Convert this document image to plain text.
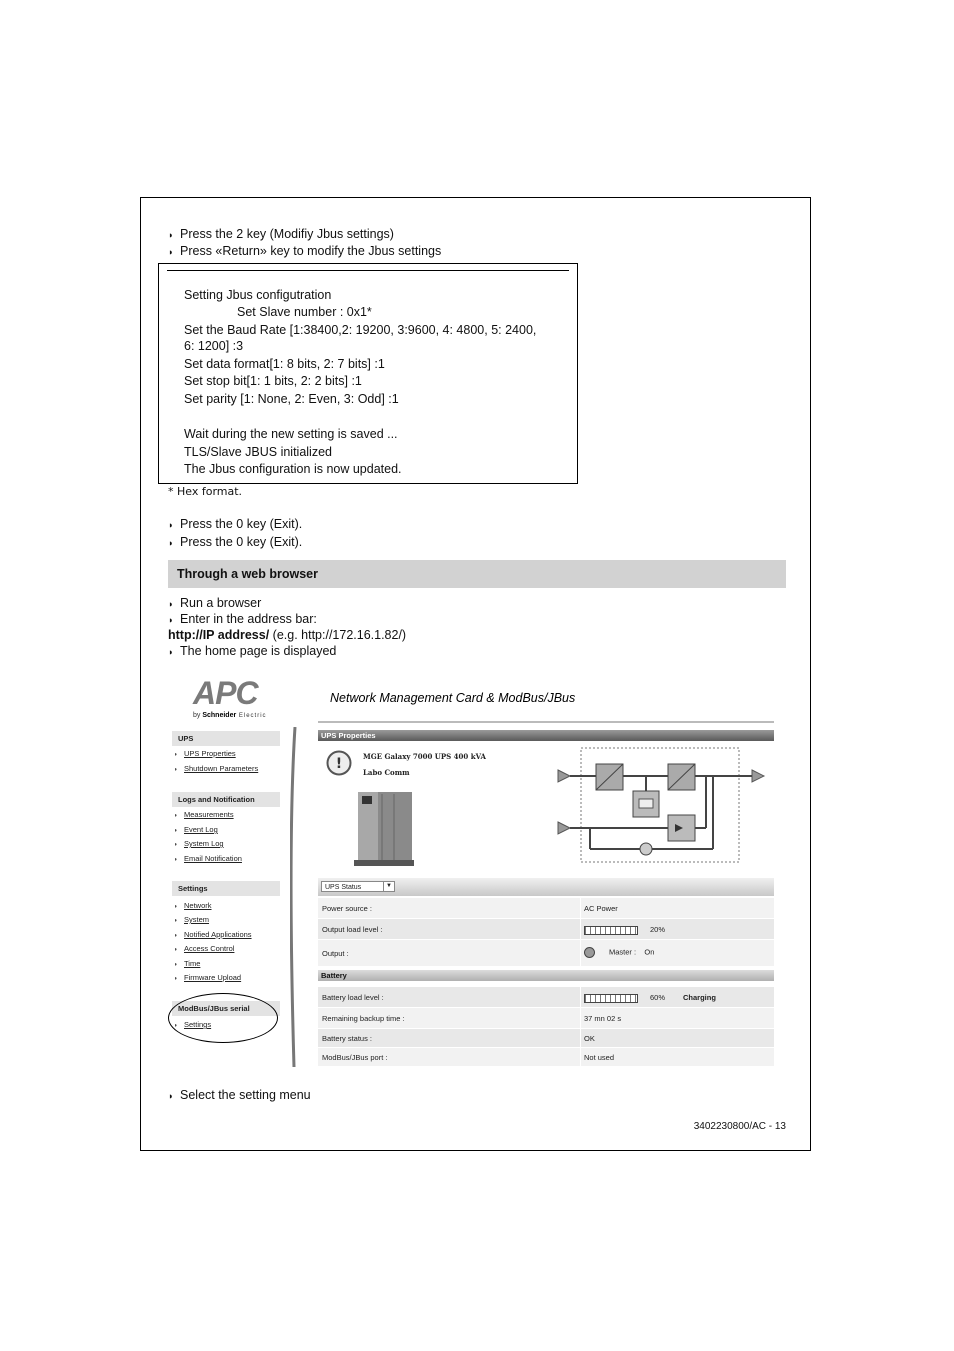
◗ Press the 2 key (Modifiy Jbus settings)
◗ Press «Return» key to modify the Jbus settings
Setting Jbus configutration
Set Slave number : 0x1*
Set the Baud Rate [1:38400,2: 19200, 3:9600, 4: 4800, 5: 2400,
6: 1200] :3
Set data format[1: 8 bits, 2: 7 bits] :1
Set stop bit[1: 1 bits, 2: 2 bits] :1
Set parity [1: None, 2: Even, 3: Odd] :1
Wait during the new setting is saved ...
TLS/Slave JBUS initialized
The Jbus configuration is now updated.
* Hex format.
◗ Press the 0 key (Exit).
◗ Press the 0 key (Exit).
Through a web browser
◗ Run a browser
◗ Enter in the address bar:
http://IP address/ (e.g. http://172.16.1.82/)
◗ The home page is displayed
APC
by Schneider Electric
Network Management Card & ModBus/JBus
UPS
◗ UPS Properties
◗ Shutdown Parameters
Logs and Notification
◗ Measurements
◗ Event Log
◗ System Log
◗ Email Notification
Settings
◗ Network
◗ System
◗ Notified Applications
◗ Access Control
◗ Time
◗ Firmware Upload
ModBus/JBus serial
◗ Settings
UPS Properties
!	MGE Galaxy 7000 UPS 400 kVA
Labo Comm
UPS Status	▼
Power source :	AC Power
Output load level :	20%
Output :	Master :    On
Battery
Battery load level :	60% Charging
Remaining backup time :	37 mn 02 s
Battery status :	OK
ModBus/JBus port :	Not used
◗ Select the setting menu
3402230800/AC - 13
